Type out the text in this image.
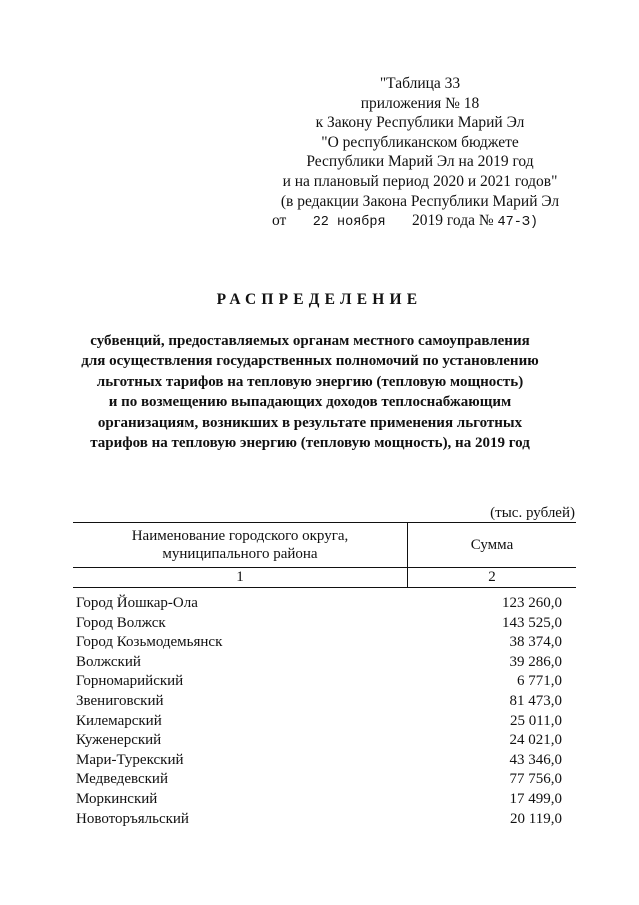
"Таблица 33
приложения № 18
к Закону Республики Марий Эл
"О республиканском бюджете
Республики Марий Эл на 2019 год
и на плановый период 2020 и 2021 годов"
(в редакции Закона Республики Марий Эл
от 22 ноября 2019 года № 47-З)
РАСПРЕДЕЛЕНИЕ
субвенций, предоставляемых органам местного самоуправления
для осуществления государственных полномочий по установлению
льготных тарифов на тепловую энергию (тепловую мощность)
и по возмещению выпадающих доходов теплоснабжающим
организациям, возникших в результате применения льготных
тарифов на тепловую энергию (тепловую мощность), на 2019 год
(тыс. рублей)
Наименование городского округа,
муниципального района	Сумма
1	2
Город Йошкар-Ола	123 260,0
Город Волжск	143 525,0
Город Козьмодемьянск	38 374,0
Волжский	39 286,0
Горномарийский	6 771,0
Звениговский	81 473,0
Килемарский	25 011,0
Куженерский	24 021,0
Мари-Турекский	43 346,0
Медведевский	77 756,0
Моркинский	17 499,0
Новоторъяльский	20 119,0
